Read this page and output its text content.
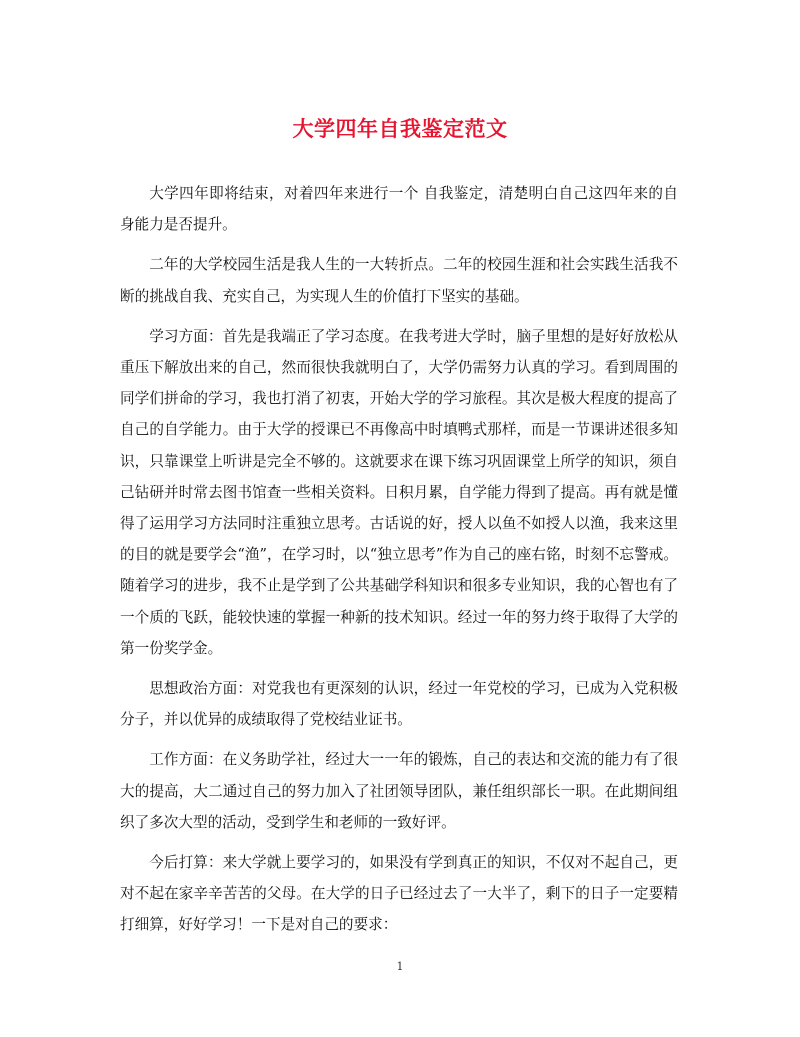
大学四年自我鉴定范文

大学四年即将结束，对着四年来进行一个 自我鉴定，清楚明白自己这四年来的自身能力是否提升。

二年的大学校园生活是我人生的一大转折点。二年的校园生涯和社会实践生活我不断的挑战自我、充实自己，为实现人生的价值打下坚实的基础。

学习方面：首先是我端正了学习态度。在我考进大学时，脑子里想的是好好放松从重压下解放出来的自己，然而很快我就明白了，大学仍需努力认真的学习。看到周围的同学们拼命的学习，我也打消了初衷，开始大学的学习旅程。其次是极大程度的提高了自己的自学能力。由于大学的授课已不再像高中时填鸭式那样，而是一节课讲述很多知识，只靠课堂上听讲是完全不够的。这就要求在课下练习巩固课堂上所学的知识，须自己钻研并时常去图书馆查一些相关资料。日积月累，自学能力得到了提高。再有就是懂得了运用学习方法同时注重独立思考。古话说的好，授人以鱼不如授人以渔，我来这里的目的就是要学会“渔”，在学习时，以“独立思考”作为自己的座右铭，时刻不忘警戒。随着学习的进步，我不止是学到了公共基础学科知识和很多专业知识，我的心智也有了一个质的飞跃，能较快速的掌握一种新的技术知识。经过一年的努力终于取得了大学的第一份奖学金。

思想政治方面：对党我也有更深刻的认识，经过一年党校的学习，已成为入党积极分子，并以优异的成绩取得了党校结业证书。

工作方面：在义务助学社，经过大一一年的锻炼，自己的表达和交流的能力有了很大的提高，大二通过自己的努力加入了社团领导团队，兼任组织部长一职。在此期间组织了多次大型的活动，受到学生和老师的一致好评。

今后打算：来大学就上要学习的，如果没有学到真正的知识，不仅对不起自己，更对不起在家辛辛苦苦的父母。在大学的日子已经过去了一大半了，剩下的日子一定要精打细算，好好学习！一下是对自己的要求：

1
